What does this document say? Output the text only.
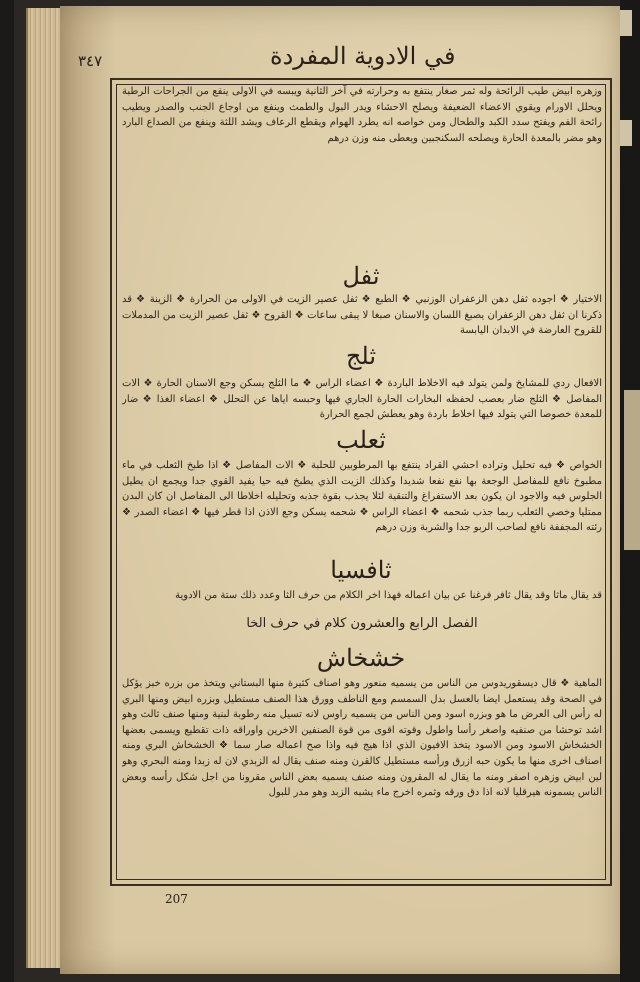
٣٤٧	في الادوية المفردة
وزهره ابيض طيب الرائحة وله ثمر صغار ينتفع به وحرارته في آخر الثانية ويبسه في الاولى ينفع من الجراحات الرطبة ويحلل الاورام ويقوي الاعضاء الضعيفة ويصلح الاحشاء ويدر البول والطمث وينفع من اوجاع الجنب والصدر ويطيب رائحة الفم ويفتح سدد الكبد والطحال ومن خواصه انه يطرد الهوام ويقطع الرعاف ويشد اللثة وينفع من الصداع البارد وهو مضر بالمعدة الحارة ويصلحه السكنجبين ويعطى منه وزن درهم
ثفل
الاختيار ❖ اجوده ثفل دهن الزعفران الوزنبي ❖ الطبع ❖ ثفل عصير الزيت في الاولى من الحرارة ❖ الزينة ❖ قد ذكرنا ان ثفل دهن الزعفران يصبغ اللسان والاسنان صبغا لا يبقى ساعات ❖ القروح ❖ ثفل عصير الزيت من المدملات للقروح العارضة في الابدان اليابسة
ثلج
الافعال ردي للمشايخ ولمن يتولد فيه الاخلاط الباردة ❖ اعضاء الراس ❖ ما الثلج يسكن وجع الاسنان الحارة ❖ الات المفاصل ❖ الثلج ضار بعصب لحفظه البخارات الحارة الجاري فيها وحبسه اياها عن التحلل ❖ اعضاء الغذا ❖ ضار للمعدة خصوصا التي يتولد فيها اخلاط باردة وهو يعطش لجمع الحرارة
ثعلب
الخواص ❖ فيه تحليل وتراده احشي القراد ينتفع بها المرطوبين للحلبة ❖ الات المفاصل ❖ اذا طبخ الثعلب في ماء مطبوخ نافع للمفاصل الوجعة بها نفع نفعا شديدا وكذلك الزيت الذي يطبخ فيه حيا يفيد القوي جدا ويجمع ان يطيل الجلوس فيه والاجود ان يكون بعد الاستفراغ والتنقية لئلا يجذب بقوة جذبه وتحليله اخلاطا الى المفاصل ان كان البدن ممتليا وخصي الثعلب ربما جذب شحمه ❖ اعضاء الراس ❖ شحمه يسكن وجع الاذن اذا قطر فيها ❖ اعضاء الصدر ❖ رئته المجففة نافع لصاحب الربو جدا والشربة وزن درهم
ثافسيا
قد يقال ماثا وقد يقال ثافر فرغنا عن بيان اعماله فهذا اخر الكلام من حرف الثا وعدد ذلك ستة من الادوية
الفصل الرابع والعشرون كلام في حرف الخا
خشخاش
الماهية ❖ قال ديسقوريدوس من الناس من يسميه منعور وهو اصناف كثيرة منها البستاني ويتخذ من بزره خبز يؤكل في الصحة وقد يستعمل ايضا بالعسل بدل السمسم ومع الناطف وورق هذا الصنف مستطيل وبزره ابيض ومنها البري له رأس الى العرض ما هو وبزره اسود ومن الناس من يسميه راوس لانه تسيل منه رطوبة لبنية ومنها صنف ثالث وهو اشد توحشا من صنفيه واصغر رأسا واطول وقوته اقوى من قوة الصنفين الاخرين واوراقه ذات تقطيع ويسمى بعضها الخشخاش الاسود ومن الاسود يتخذ الافيون الذي اذا هيج فيه واذا صح اعماله صار سما ❖ الخشخاش البري ومنه اصناف اخرى منها ما يكون حبه ازرق ورأسه مستطيل كالقرن ومنه صنف يقال له الزبدي لان له زبدا ومنه البحري وهو لين ابيض وزهره اصفر ومنه ما يقال له المقرون ومنه صنف يسميه بعض الناس مقرونا من اجل شكل رأسه وبعض الناس يسمونه هيرقليا لانه اذا دق ورقه وثمره اخرج ماء يشبه الزبد وهو مدر للبول
207
